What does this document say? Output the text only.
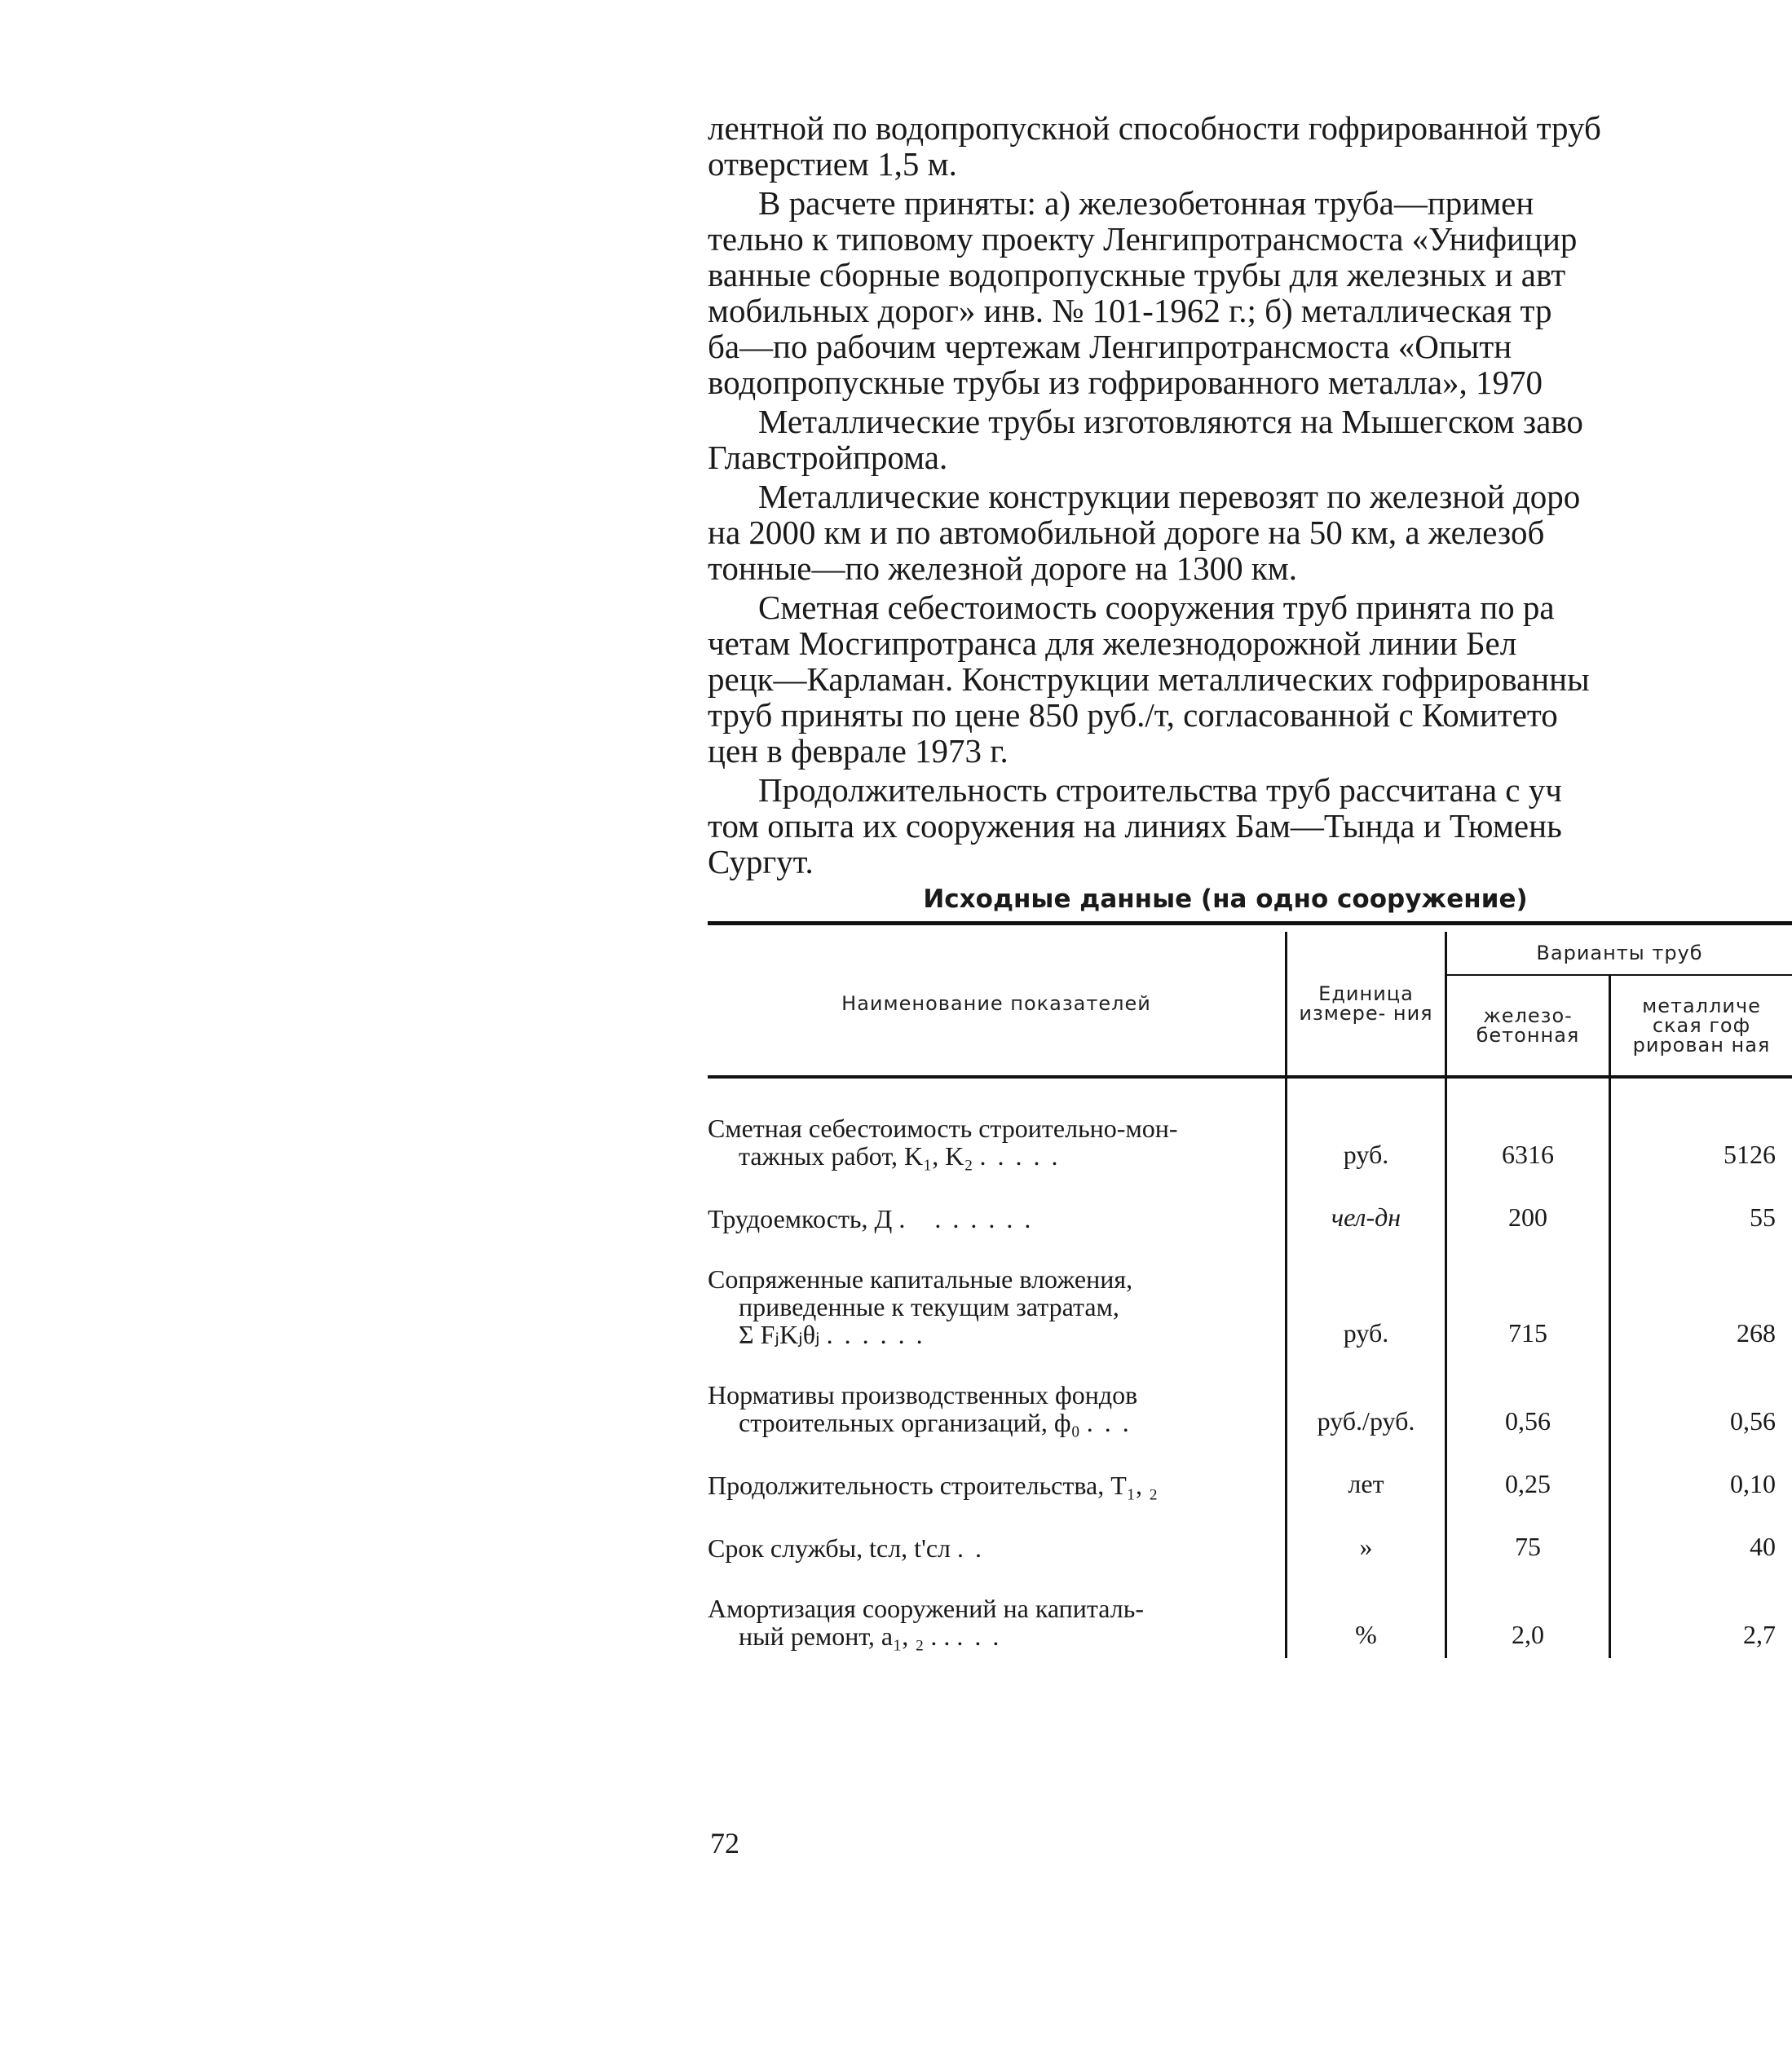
лентной по водопропускной способности гофрированной труб
отверстием 1,5 м.

В расчете приняты: а) железобетонная труба—примен
тельно к типовому проекту Ленгипротрансмоста «Унифицир
ванные сборные водопропускные трубы для железных и авт
мобильных дорог» инв. № 101-1962 г.; б) металлическая тр
ба—по рабочим чертежам Ленгипротрансмоста «Опытн
водопропускные трубы из гофрированного металла», 1970

Металлические трубы изготовляются на Мышегском заво
Главстройпрома.

Металлические конструкции перевозят по железной доро
на 2000 км и по автомобильной дороге на 50 км, а железоб
тонные—по железной дороге на 1300 км.

Сметная себестоимость сооружения труб принята по ра
четам Мосгипротранса для железнодорожной линии Бел
рецк—Карламан. Конструкции металлических гофрированны
труб приняты по цене 850 руб./т, согласованной с Комитето
цен в феврале 1973 г.

Продолжительность строительства труб рассчитана с уч
том опыта их сооружения на линиях Бам—Тында и Тюмень
Сургут.

Исходные данные (на одно сооружение)

Наименование показателей	Единица измере- ния	Варианты труб	
		железо- бетонная	металличе ская гоф рирован ная

Сметная себестоимость строительно-мон-
тажных работ, K₁, K₂ .....	руб.	6316	5126
Трудоемкость, Д . ......	чел-дн	200	55
Сопряженные капитальные вложения,
приведенные к текущим затратам,
Σ FⱼKⱼθⱼ ......	руб.	715	268
Нормативы производственных фондов
строительных организаций, ф₀ ...	руб./руб.	0,56	0,56
Продолжительность строительства, T₁, ₂	лет	0,25	0,10
Срок службы, tсл, t'сл ..	»	75	40
Амортизация сооружений на капиталь-
ный ремонт, a₁, ₂ . . ...	%	2,0	2,7
72
